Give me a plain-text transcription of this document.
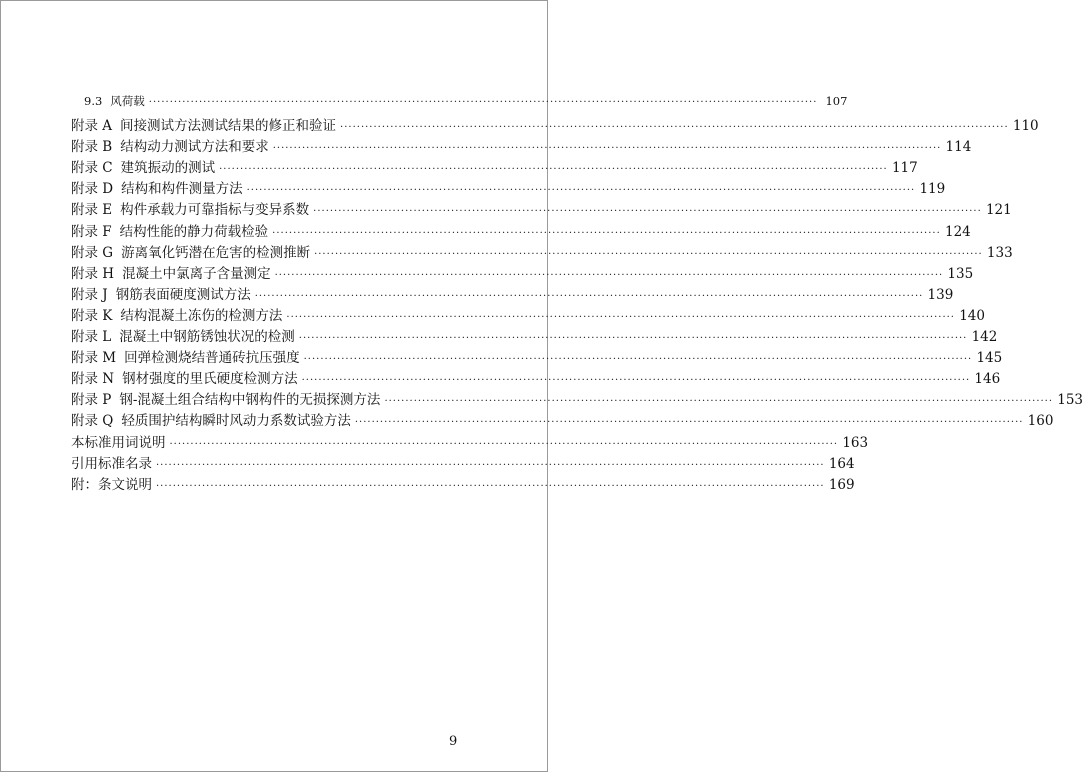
9.3 风荷载 ································································································································································ 107
附录 A 间接测试方法测试结果的修正和验证 ································································································································································ 110
附录 B 结构动力测试方法和要求 ································································································································································ 114
附录 C 建筑振动的测试 ································································································································································ 117
附录 D 结构和构件测量方法 ································································································································································ 119
附录 E 构件承载力可靠指标与变异系数 ································································································································································ 121
附录 F 结构性能的静力荷载检验 ································································································································································ 124
附录 G 游离氧化钙潜在危害的检测推断 ································································································································································ 133
附录 H 混凝土中氯离子含量测定 ································································································································································ 135
附录 J 钢筋表面硬度测试方法 ································································································································································ 139
附录 K 结构混凝土冻伤的检测方法 ································································································································································ 140
附录 L 混凝土中钢筋锈蚀状况的检测 ································································································································································ 142
附录 M 回弹检测烧结普通砖抗压强度 ································································································································································ 145
附录 N 钢材强度的里氏硬度检测方法 ································································································································································ 146
附录 P 钢-混凝土组合结构中钢构件的无损探测方法 ································································································································································ 153
附录 Q 轻质围护结构瞬时风动力系数试验方法 ································································································································································ 160
本标准用词说明 ································································································································································ 163
引用标准名录 ································································································································································ 164
附：条文说明 ································································································································································ 169
9
